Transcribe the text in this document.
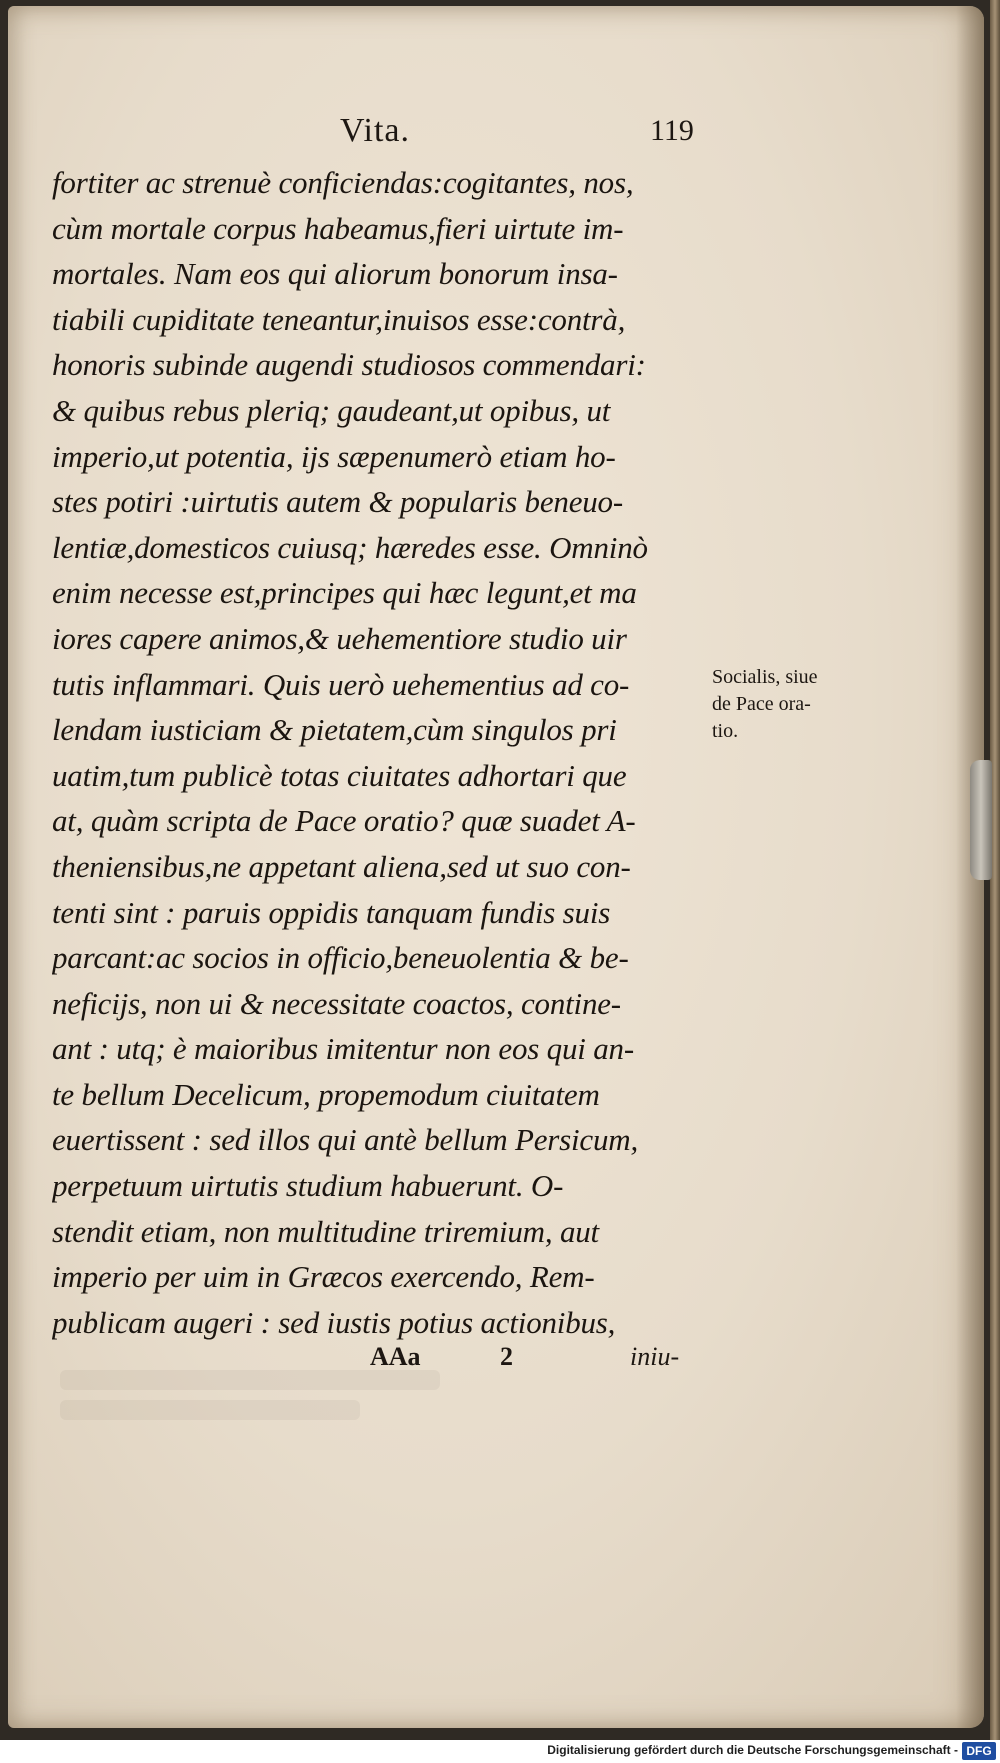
Vita.	119
fortiter ac strenuè conficiendas:cogitantes, nos,
cùm mortale corpus habeamus,fieri uirtute im-
mortales. Nam eos qui aliorum bonorum insa-
tiabili cupiditate teneantur,inuisos esse:contrà,
honoris subinde augendi studiosos commendari:
& quibus rebus pleriq; gaudeant,ut opibus, ut
imperio,ut potentia, ijs sæpenumerò etiam ho-
stes potiri :uirtutis autem & popularis beneuo-
lentiæ,domesticos cuiusq; hæredes esse. Omninò
enim necesse est,principes qui hæc legunt,et ma
iores capere animos,& uehementiore studio uir
tutis inflammari. Quis uerò uehementius ad co-
lendam iusticiam & pietatem,cùm singulos pri
uatim,tum publicè totas ciuitates adhortari que
at, quàm scripta de Pace oratio? quæ suadet A-
theniensibus,ne appetant aliena,sed ut suo con-
tenti sint : paruis oppidis tanquam fundis suis
parcant:ac socios in officio,beneuolentia & be-
neficijs, non ui & necessitate coactos, contine-
ant : utq; è maioribus imitentur non eos qui an-
te bellum Decelicum, propemodum ciuitatem
euertissent : sed illos qui antè bellum Persicum,
perpetuum uirtutis studium habuerunt. O-
stendit etiam, non multitudine triremium, aut
imperio per uim in Græcos exercendo, Rem-
publicam augeri : sed iustis potius actionibus,
Socialis, siue
de Pace ora-
tio.
AAa	2	iniu-
Digitalisierung gefördert durch die Deutsche Forschungsgemeinschaft - DFG
